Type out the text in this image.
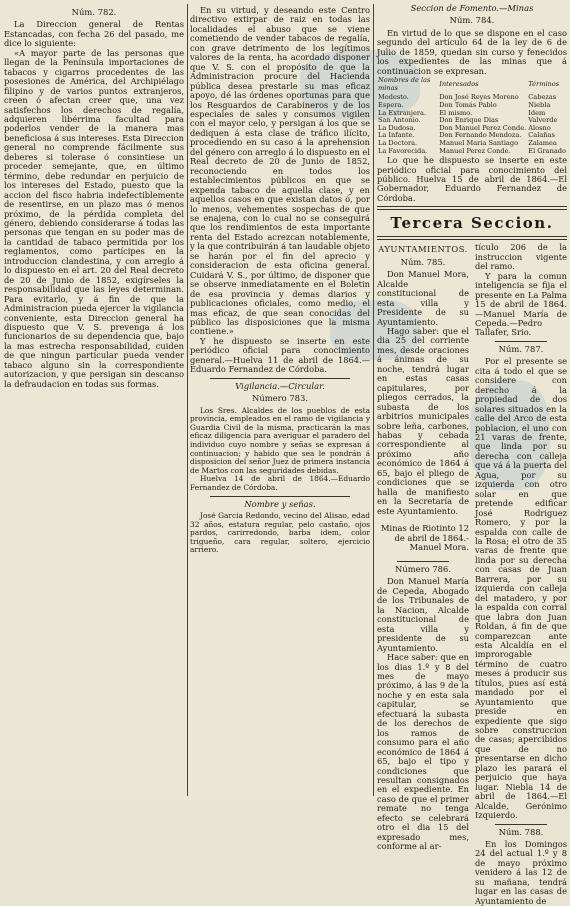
Núm. 782.

La Direccion general de Rentas Estancadas, con fecha 26 del pasado, me dice lo siguiente:

«A mayor parte de las personas que llegan de la Península importaciones de tabacos y cigarros procedentes de las posesiones de América, del Archipiélago filipino y de varios puntos extranjeros, creen ó afectan creer que, una vez satisfechos los derechos de regalía, adquieren libérrima facultad para poderlos vender de la manera mas beneficiosa á sus intereses. Esta Direccion general no comprende fácilmente sus deberes si tolerase ó consintiese un proceder semejante, que, en último término, debe redundar en perjuicio de los intereses del Estado, puesto que la accion del fisco habria indefectiblemente de resentirse, en un plazo mas ó menos próximo, de la pérdida completa del género, debiendo considerarse á todas las personas que tengan en su poder mas de la cantidad de tabaco permitida por los reglamentos, como partícipes en la introduccion clandestina, y con arreglo á lo dispuesto en el art. 20 del Real decreto de 20 de Junio de 1852, exigírseles la responsabilidad que las leyes determinan. Para evitarlo, y á fin de que la Administracion pueda ejercer la vigilancia conveniente, esta Direccion general ha dispuesto que V. S. prevenga á los funcionarios de su dependencia que, bajo la mas estrecha responsabilidad, cuiden de que ningun particular pueda vender tabaco alguno sin la correspondiente autorizacion, y que persigan sin descanso la defraudacion en todas sus formas.

En su virtud, y deseando este Centro directivo extirpar de raiz en todas las localidades el abuso que se viene cometiendo de vender tabacos de regalía, con grave detrimento de los legítimos valores de la renta, ha acordado disponer que V. S. con el propósito de que la Administracion procure del Hacienda pública desea prestarle su mas eficaz apoyo, dé las órdenes oportunas para que los Resguardos de Carabineros y de los especiales de sales y consumos vigilen con el mayor celo, y persigan á los que se dediquen á esta clase de tráfico ilícito, procediendo en su caso á la aprehension del género con arreglo á lo dispuesto en el Real decreto de 20 de Junio de 1852, reconociendo en todos los establecimientos públicos en que se expenda tabaco de aquella clase, y en aquellos casos en que existan datos ó, por lo menos, vehementes sospechas de que se enajena, con lo cual no se conseguirá que los rendimientos de esta importante renta del Estado acrezcan notablemente, y la que contribuirán á tan laudable objeto se harán por el fin del aprecio y consideracion de esta oficina general. Cuidará V. S., por último, de disponer que se observe inmediatamente en el Boletin de esa provincia y demas diarios y publicaciones oficiales, como medio, el mas eficaz, de que sean conocidas del público las disposiciones que la misma contiene.»

Y he dispuesto se inserte en este periódico oficial para conocimiento general.—Huelva 11 de abril de 1864.—Eduardo Fernandez de Córdoba.

Vigilancia.—Circular.
Número 783.

Los Sres. Alcaldes de los pueblos de esta provincia, empleados en el ramo de vigilancia y Guardia Civil de la misma, practicarán la mas eficaz diligencia para averiguar el paradero del individuo cuyo nombre y señas se expresan á continuacion; y habido que sea le pondrán á disposicion del señor Juez de primera instancia de Martos con las seguridades debidas.

Huelva 14 de abril de 1864.—Eduardo Fernandez de Córdoba.

Nombre y señas.

José Garcia Redondo, vecino del Alisao, edad 32 años, estatura regular, pelo castaño, ojos pardos, carirredondo, barba idem, color trigueño, cara regular, soltero, ejercicio arriero.

Seccion de Fomento.—Minas
Núm. 784.

En virtud de lo que se dispone en el caso segundo del artículo 64 de la ley de 6 de Julio de 1859, quedan sin curso y fenecidos los expedientes de las minas que á continuacion se expresan.

Nombres de las minas	Interesados	Términos
Modesto.	Don José Reyes Moreno	Cabezas
Espera.	Don Tomás Pablo	Niebla
La Extranjera.	El mismo.	Idem
San Antonio.	Don Enrique Dias	Valverde
La Dudosa.	Don Manuel Perez Conde.	Alosno
La Infante.	Don Fernando Mendoza.	Calañas
La Doctora.	Manuel Maria Santiago	Zalamea
La Favorecida.	Manuel Perez Conde.	El Granado

Lo que he dispuesto se inserte en este periódico oficial para conocimiento del público. Huelva 15 de abril de 1864.—El Gobernador, Eduardo Fernandez de Córdoba.

Tercera Seccion.
AYUNTAMIENTOS.
Núm. 785.

Don Manuel Mora, Alcalde constitucional de esta villa y Presidente de su Ayuntamiento.

Hago saber: que el dia 25 del corriente mes, desde oraciones á ánimas de su noche, tendrá lugar en estas casas capitulares, por pliegos cerrados, la subasta de los arbitrios municipales sobre leña, carbones, habas y cebada correspondiente al próximo año económico de 1864 á 65, bajo el pliego de condiciones que se halla de manifiesto en la Secretaría de este Ayuntamiento.

Minas de Riotinto 12 de abril de 1864.-Manuel Mora.

Número 786.

Don Manuel María de Cepeda, Abogado de los Tribunales de la Nacion, Alcalde constitucional de esta villa y presidente de su Ayuntamiento.

Hace saber: que en los dias 1.º y 8 del mes de mayo próximo, á las 9 de la noche y en esta sala capitular, se efectuará la subasta de los derechos de los ramos de consumo para el año económico de 1864 á 65, bajo el tipo y condiciones que resultan consignados en el expediente. En caso de que el primer remate no tenga efecto se celebrará otro el dia 15 del expresado mes, conforme al ar-

tículo 206 de la instruccion vigente del ramo.

Y para la comun inteligencia se fija el presente en La Palma 15 de abril de 1864.—Manuel María de Cepeda.—Pedro Tallafer, Srio.

Núm. 787.

Por el presente se cita á todo el que se considere con derecho á la propiedad de dos solares situados en la calle del Arco de esta poblacion, el uno con 21 varas de frente, que linda por su derecha con calleja que vá á la puerta del Agua, por su izquierda con otro solar en que pretende edificar José Rodriguez Romero, y por la espalda con calle de la Rosa; el otro de 35 varas de frente que linda por su derecha con casas de Juan Barrera, por su izquierda con calleja del matadero, y por la espalda con corral que labra don Juan Roldan, á fin de que comparezcan ante esta Alcaldía en el improrogable término de cuatro meses á producir sus títulos, pues así está mandado por el Ayuntamiento que preside en expediente que sigo sobre construccion de casas; apercibidos que de no presentarse en dicho plazo les parará el perjuicio que haya lugar. Niebla 14 de abril de 1864.—El Alcalde, Gerónimo Izquierdo.

Núm. 788.

En los Domingos 24 del actual 1.º y 8 de mayo próximo venidero á las 12 de su mañana, tendrá lugar en las casas de Ayuntamiento de
